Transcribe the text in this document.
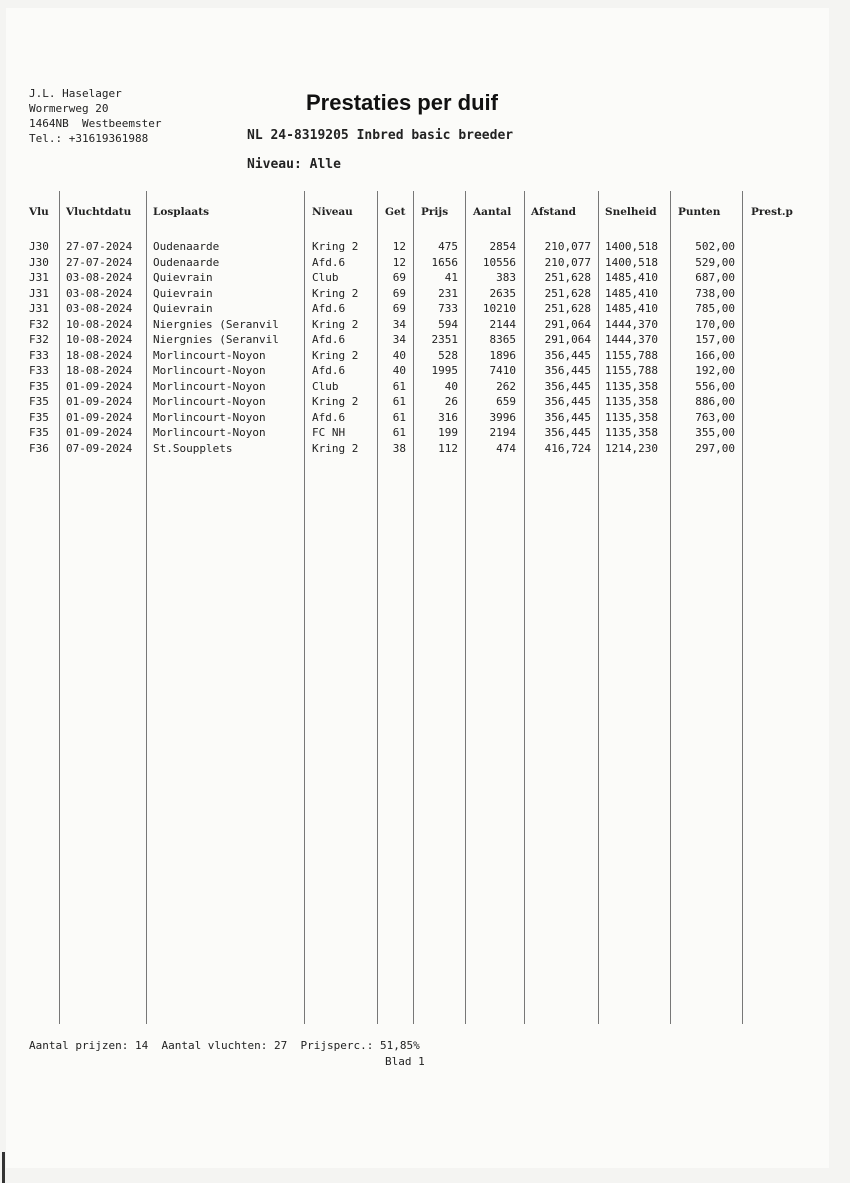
J.L. Haselager
Wormerweg 20
1464NB  Westbeemster
Tel.: +31619361988
Prestaties per duif
NL 24-8319205 Inbred basic breeder
Niveau: Alle
Vlu Vluchtdatu Losplaats	Niveau	Get Prijs Aantal Afstand	Snelheid Punten	Prest.p
J30 27-07-2024 Oudenaarde	Kring 2	12	475	2854	210,077 1400,518	502,00
J30 27-07-2024 Oudenaarde	Afd.6	12	1656	10556	210,077 1400,518	529,00
J31 03-08-2024 Quievrain	Club	69	41	383	251,628 1485,410	687,00
J31 03-08-2024 Quievrain	Kring 2	69	231	2635	251,628 1485,410	738,00
J31 03-08-2024 Quievrain	Afd.6	69	733	10210	251,628 1485,410	785,00
F32 10-08-2024 Niergnies (Seranvil	Kring 2	34	594	2144	291,064 1444,370	170,00
F32 10-08-2024 Niergnies (Seranvil	Afd.6	34	2351	8365	291,064 1444,370	157,00
F33 18-08-2024 Morlincourt-Noyon	Kring 2	40	528	1896	356,445 1155,788	166,00
F33 18-08-2024 Morlincourt-Noyon	Afd.6	40	1995	7410	356,445 1155,788	192,00
F35 01-09-2024 Morlincourt-Noyon	Club	61	40	262	356,445 1135,358	556,00
F35 01-09-2024 Morlincourt-Noyon	Kring 2	61	26	659	356,445 1135,358	886,00
F35 01-09-2024 Morlincourt-Noyon	Afd.6	61	316	3996	356,445 1135,358	763,00
F35 01-09-2024 Morlincourt-Noyon	FC NH	61	199	2194	356,445 1135,358	355,00
F36 07-09-2024 St.Soupplets	Kring 2	38	112	474	416,724 1214,230	297,00
Aantal prijzen: 14  Aantal vluchten: 27  Prijsperc.: 51,85%
Blad 1
